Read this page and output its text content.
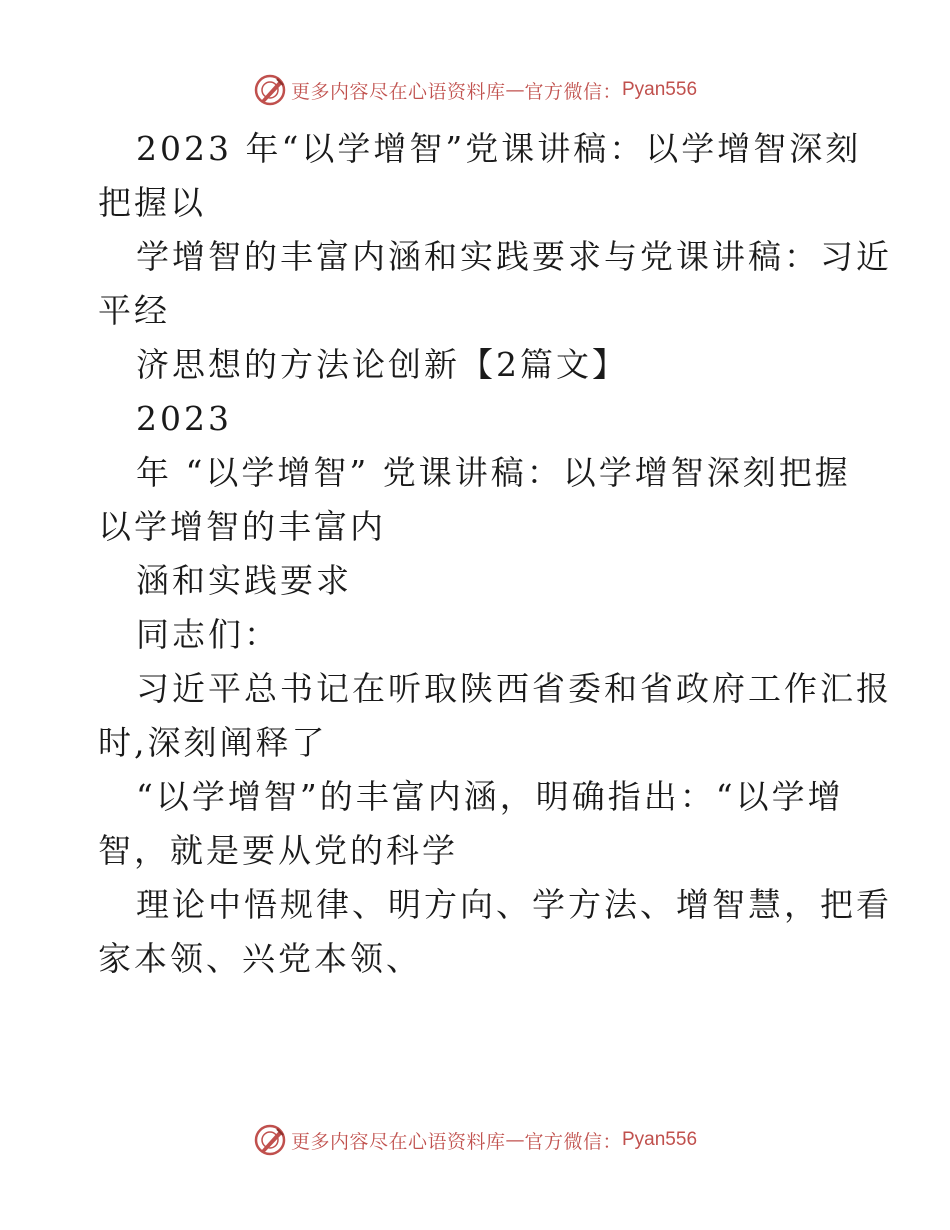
更多内容尽在心语资料库 — 官方微信： Pyan556
2023 年“以学增智”党课讲稿：以学增智深刻
把握以
学增智的丰富内涵和实践要求与党课讲稿：习近
平经
济思想的方法论创新【2篇文】
2023
年 “以学增智” 党课讲稿：以学增智深刻把握
以学增智的丰富内
涵和实践要求
同志们：
习近平总书记在听取陕西省委和省政府工作汇报
时,深刻阐释了
“以学增智”的丰富内涵，明确指出：“以学增
智，就是要从党的科学
理论中悟规律、明方向、学方法、增智慧，把看
家本领、兴党本领、
更多内容尽在心语资料库 — 官方微信： Pyan556
